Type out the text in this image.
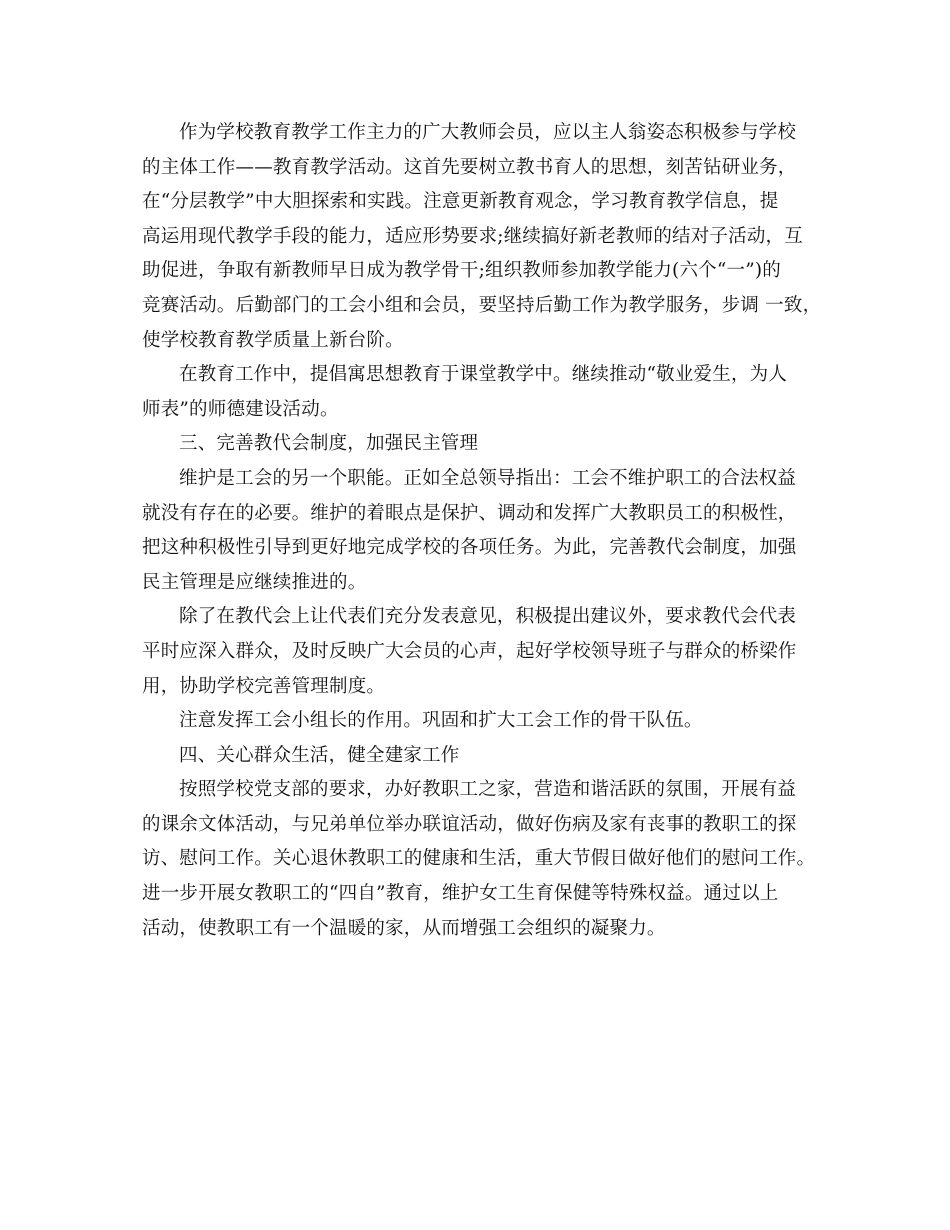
作为学校教育教学工作主力的广大教师会员，应以主人翁姿态积极参与学校
的主体工作——教育教学活动。这首先要树立教书育人的思想，刻苦钻研业务，
在“分层教学”中大胆探索和实践。注意更新教育观念，学习教育教学信息，提
高运用现代教学手段的能力，适应形势要求;继续搞好新老教师的结对子活动，互
助促进，争取有新教师早日成为教学骨干;组织教师参加教学能力(六个“一”)的
竞赛活动。后勤部门的工会小组和会员，要坚持后勤工作为教学服务，步调 一致，
使学校教育教学质量上新台阶。

在教育工作中，提倡寓思想教育于课堂教学中。继续推动“敬业爱生，为人
师表”的师德建设活动。

三、完善教代会制度，加强民主管理

维护是工会的另一个职能。正如全总领导指出：工会不维护职工的合法权益
就没有存在的必要。维护的着眼点是保护、调动和发挥广大教职员工的积极性，
把这种积极性引导到更好地完成学校的各项任务。为此，完善教代会制度，加强
民主管理是应继续推进的。

除了在教代会上让代表们充分发表意见，积极提出建议外，要求教代会代表
平时应深入群众，及时反映广大会员的心声，起好学校领导班子与群众的桥梁作
用，协助学校完善管理制度。

注意发挥工会小组长的作用。巩固和扩大工会工作的骨干队伍。

四、关心群众生活，健全建家工作

按照学校党支部的要求，办好教职工之家，营造和谐活跃的氛围，开展有益
的课余文体活动，与兄弟单位举办联谊活动，做好伤病及家有丧事的教职工的探
访、慰问工作。关心退休教职工的健康和生活，重大节假日做好他们的慰问工作。
进一步开展女教职工的“四自”教育，维护女工生育保健等特殊权益。通过以上
活动，使教职工有一个温暖的家，从而增强工会组织的凝聚力。
